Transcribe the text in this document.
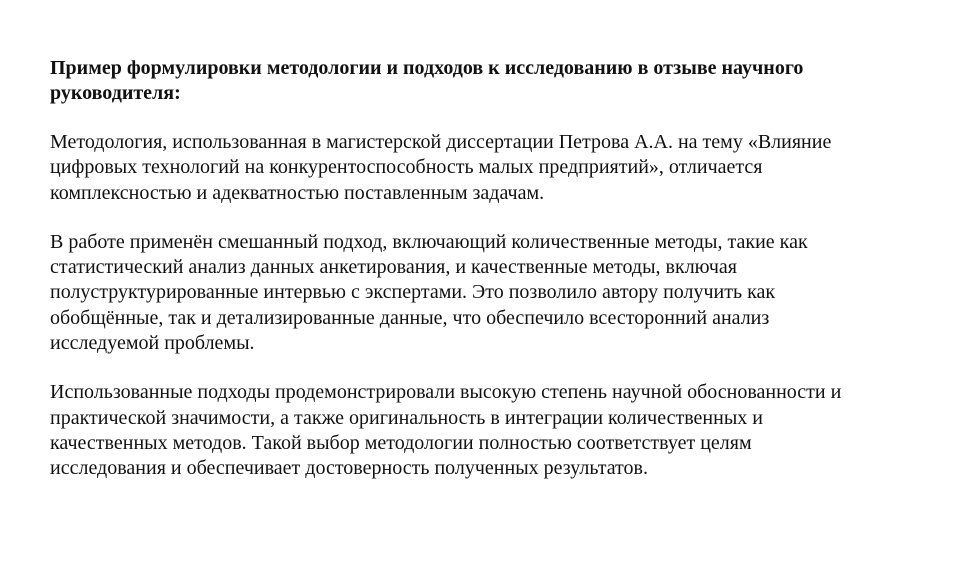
Пример формулировки методологии и подходов к исследованию в отзыве научного
руководителя:
Методология, использованная в магистерской диссертации Петрова А.А. на тему «Влияние
цифровых технологий на конкурентоспособность малых предприятий», отличается
комплексностью и адекватностью поставленным задачам.
В работе применён смешанный подход, включающий количественные методы, такие как
статистический анализ данных анкетирования, и качественные методы, включая
полуструктурированные интервью с экспертами. Это позволило автору получить как
обобщённые, так и детализированные данные, что обеспечило всесторонний анализ
исследуемой проблемы.
Использованные подходы продемонстрировали высокую степень научной обоснованности и
практической значимости, а также оригинальность в интеграции количественных и
качественных методов. Такой выбор методологии полностью соответствует целям
исследования и обеспечивает достоверность полученных результатов.
